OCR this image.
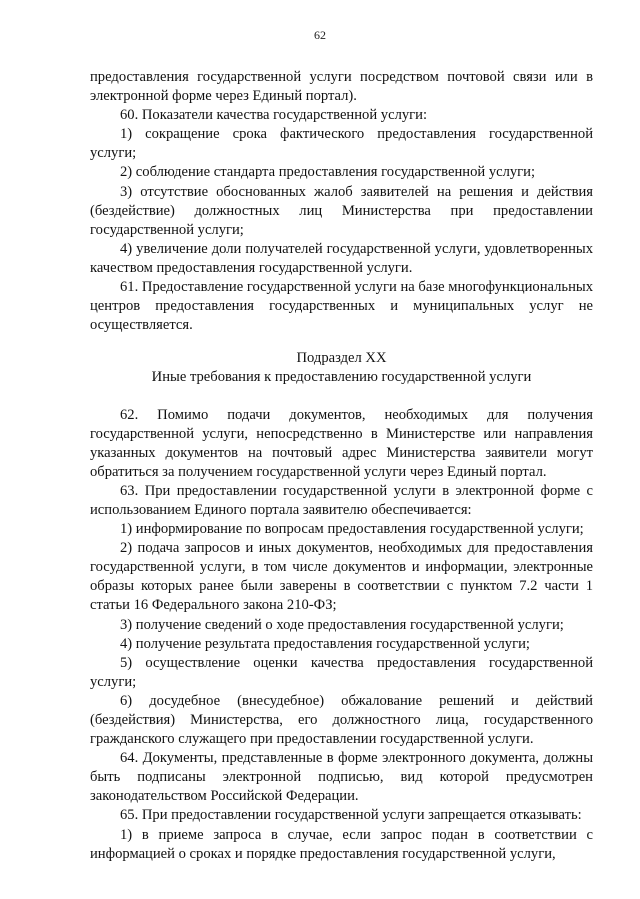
62

предоставления государственной услуги посредством почтовой связи или в электронной форме через Единый портал).

60. Показатели качества государственной услуги:

1) сокращение срока фактического предоставления государственной услуги;

2) соблюдение стандарта предоставления государственной услуги;

3) отсутствие обоснованных жалоб заявителей на решения и действия (бездействие) должностных лиц Министерства при предоставлении государственной услуги;

4) увеличение доли получателей государственной услуги, удовлетворенных качеством предоставления государственной услуги.

61. Предоставление государственной услуги на базе многофункциональных центров предоставления государственных и муниципальных услуг не осуществляется.

Подраздел XX

Иные требования к предоставлению государственной услуги

62. Помимо подачи документов, необходимых для получения государственной услуги, непосредственно в Министерстве или направления указанных документов на почтовый адрес Министерства заявители могут обратиться за получением государственной услуги через Единый портал.

63. При предоставлении государственной услуги в электронной форме с использованием Единого портала заявителю обеспечивается:

1) информирование по вопросам предоставления государственной услуги;

2) подача запросов и иных документов, необходимых для предоставления государственной услуги, в том числе документов и информации, электронные образы которых ранее были заверены в соответствии с пунктом 7.2 части 1 статьи 16 Федерального закона 210-ФЗ;

3) получение сведений о ходе предоставления государственной услуги;

4) получение результата предоставления государственной услуги;

5) осуществление оценки качества предоставления государственной услуги;

6) досудебное (внесудебное) обжалование решений и действий (бездействия) Министерства, его должностного лица, государственного гражданского служащего при предоставлении государственной услуги.

64. Документы, представленные в форме электронного документа, должны быть подписаны электронной подписью, вид которой предусмотрен законодательством Российской Федерации.

65. При предоставлении государственной услуги запрещается отказывать:

1) в приеме запроса в случае, если запрос подан в соответствии с информацией о сроках и порядке предоставления государственной услуги,
